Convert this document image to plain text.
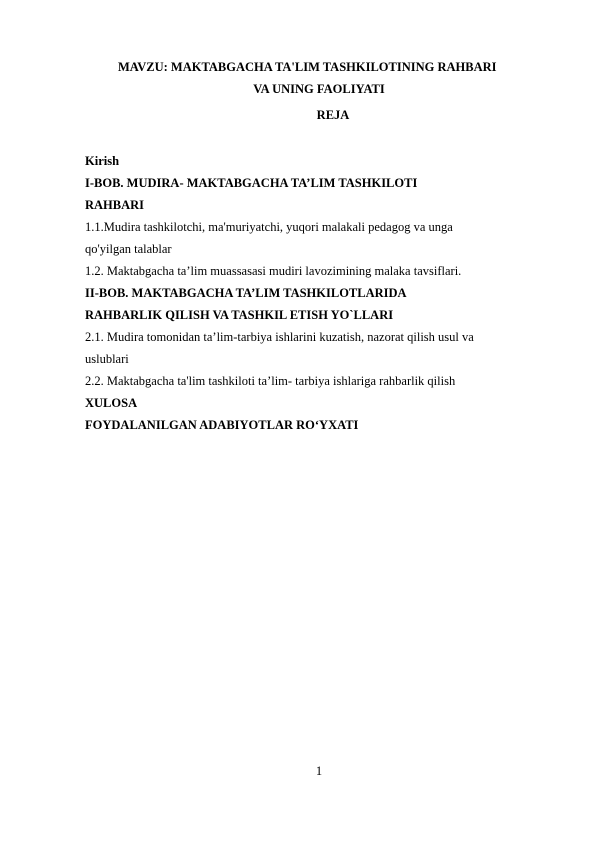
MAVZU: MAKTABGACHA TA'LIM TASHKILOTINING RAHBARI
VA UNING FAOLIYATI
REJA
Kirish
I-BOB. MUDIRA- MAKTABGACHA TA’LIM TASHKILOTI
RAHBARI
1.1.Mudira tashkilotchi, ma'muriyatchi, yuqori malakali pedagog va unga
qo'yilgan talablar
1.2. Maktabgacha ta’lim muassasasi mudiri lavozimining malaka tavsiflari.
II-BOB. MAKTABGACHA TA’LIM TASHKILOTLARIDA
RAHBARLIK QILISH VA TASHKIL ETISH YO`LLARI
2.1. Mudira tomonidan ta’lim-tarbiya ishlarini kuzatish, nazorat qilish usul va
uslublari
2.2. Maktabgacha ta'lim tashkiloti ta’lim- tarbiya ishlariga rahbarlik qilish
XULOSA
FOYDALANILGAN ADABIYOTLAR RO‘YXATI
1
